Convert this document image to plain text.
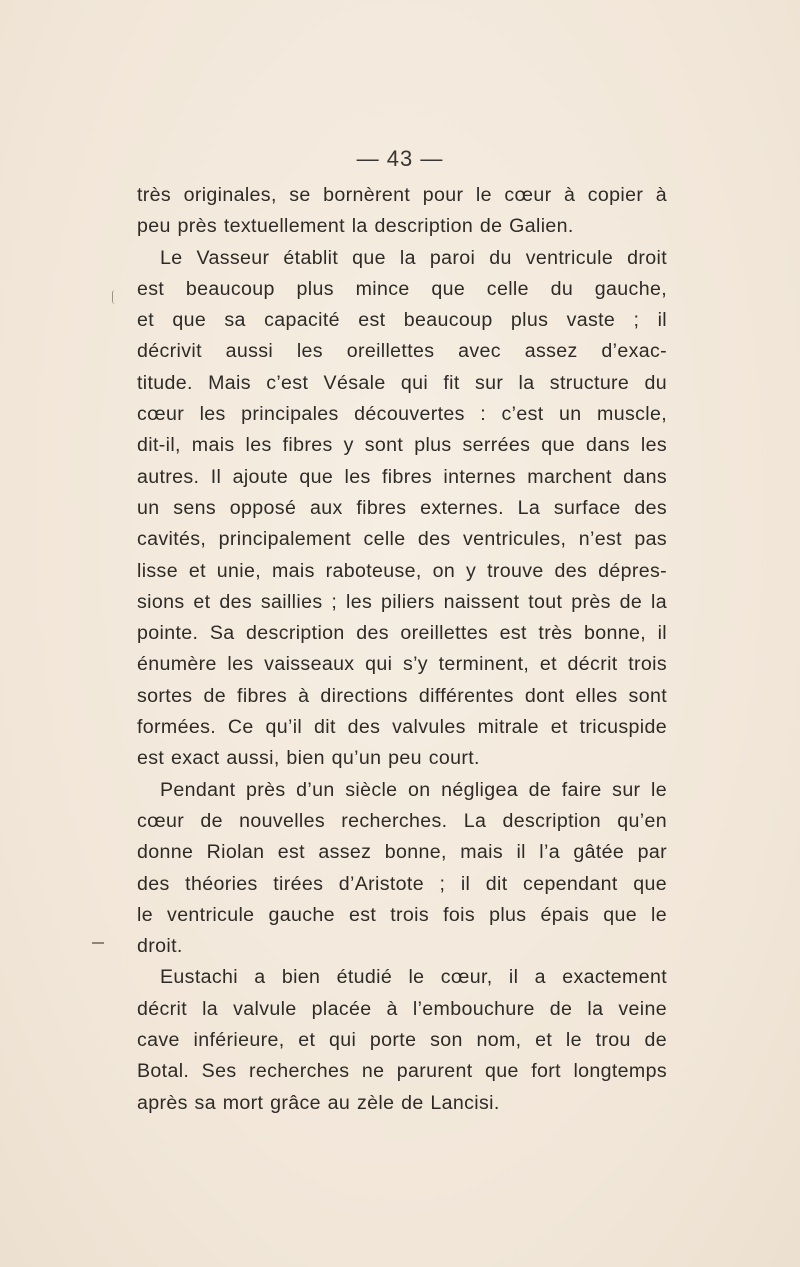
— 43 —
très originales, se bornèrent pour le cœur à copier à
peu près textuellement la description de Galien.
Le Vasseur établit que la paroi du ventricule droit
est beaucoup plus mince que celle du gauche,
et que sa capacité est beaucoup plus vaste ; il
décrivit aussi les oreillettes avec assez d’exac-
titude. Mais c’est Vésale qui fit sur la structure du
cœur les principales découvertes : c’est un muscle,
dit-il, mais les fibres y sont plus serrées que dans les
autres. Il ajoute que les fibres internes marchent dans
un sens opposé aux fibres externes. La surface des
cavités, principalement celle des ventricules, n’est pas
lisse et unie, mais raboteuse, on y trouve des dépres-
sions et des saillies ; les piliers naissent tout près de la
pointe. Sa description des oreillettes est très bonne, il
énumère les vaisseaux qui s’y terminent, et décrit trois
sortes de fibres à directions différentes dont elles sont
formées. Ce qu’il dit des valvules mitrale et tricuspide
est exact aussi, bien qu’un peu court.
Pendant près d’un siècle on négligea de faire sur le
cœur de nouvelles recherches. La description qu’en
donne Riolan est assez bonne, mais il l’a gâtée par
des théories tirées d’Aristote ; il dit cependant que
le ventricule gauche est trois fois plus épais que le
droit.
Eustachi a bien étudié le cœur, il a exactement
décrit la valvule placée à l’embouchure de la veine
cave inférieure, et qui porte son nom, et le trou de
Botal. Ses recherches ne parurent que fort longtemps
après sa mort grâce au zèle de Lancisi.
